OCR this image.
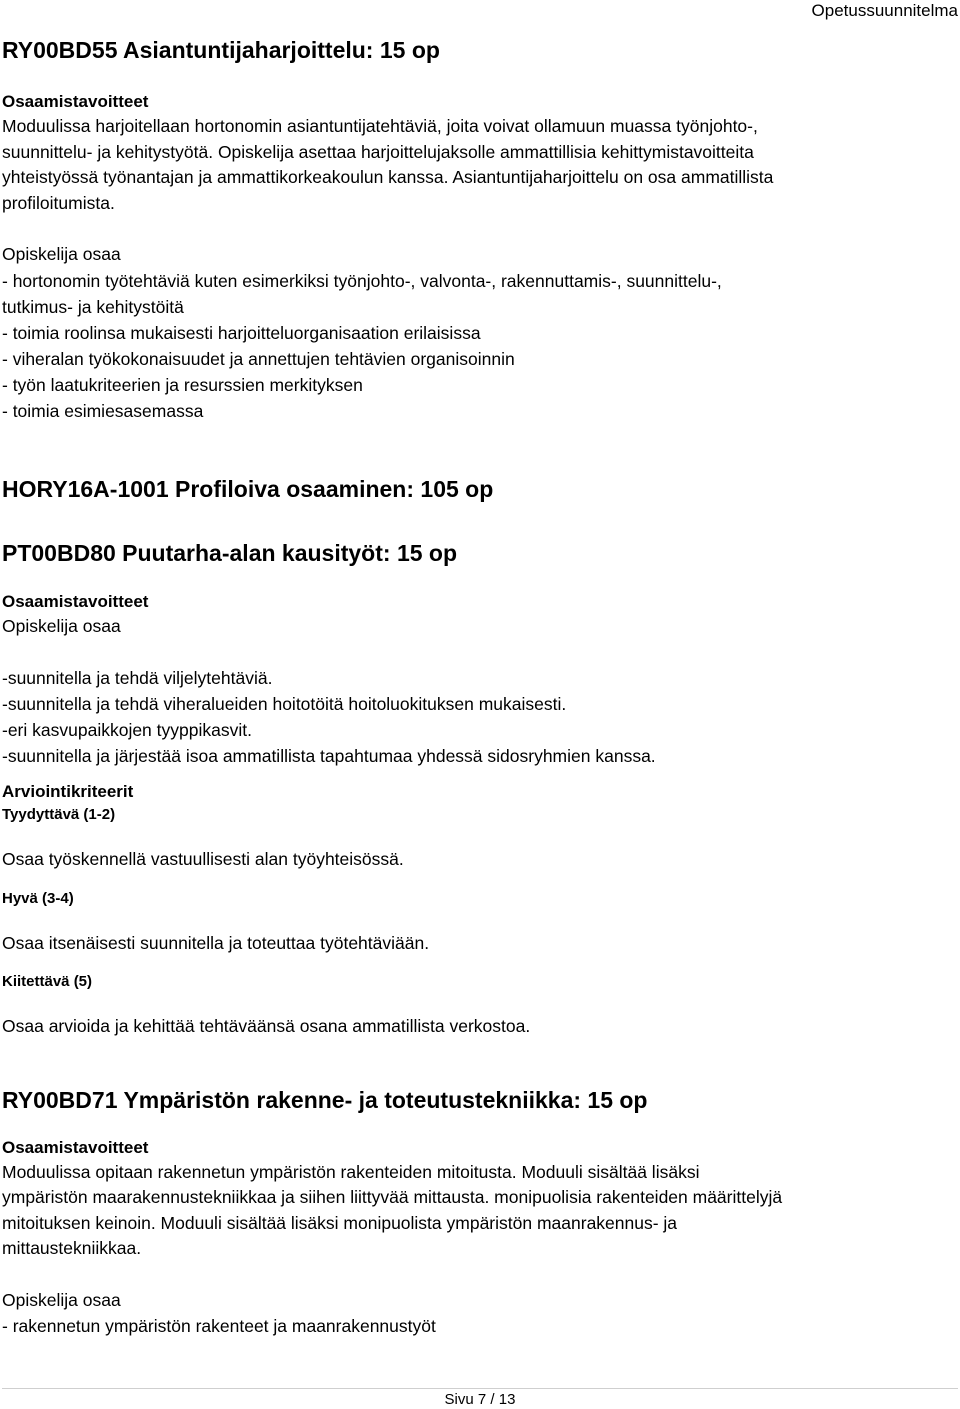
Opetussuunnitelma
RY00BD55 Asiantuntijaharjoittelu: 15 op
Osaamistavoitteet

Moduulissa harjoitellaan hortonomin asiantuntijatehtäviä, joita voivat ollamuun muassa työnjohto-,

suunnittelu- ja kehitystyötä. Opiskelija asettaa harjoittelujaksolle ammattillisia kehittymistavoitteita

yhteistyössä työnantajan ja ammattikorkeakoulun kanssa. Asiantuntijaharjoittelu on osa ammatillista

profiloitumista.

Opiskelija osaa

- hortonomin työtehtäviä kuten esimerkiksi työnjohto-, valvonta-, rakennuttamis-, suunnittelu-,

tutkimus- ja kehitystöitä

- toimia roolinsa mukaisesti harjoitteluorganisaation erilaisissa

- viheralan työkokonaisuudet ja annettujen tehtävien organisoinnin

- työn laatukriteerien ja resurssien merkityksen

- toimia esimiesasemassa

HORY16A-1001 Profiloiva osaaminen: 105 op
PT00BD80 Puutarha-alan kausityöt: 15 op
Osaamistavoitteet

Opiskelija osaa

-suunnitella ja tehdä viljelytehtäviä.

-suunnitella ja tehdä viheralueiden hoitotöitä hoitoluokituksen mukaisesti.

-eri kasvupaikkojen tyyppikasvit.

-suunnitella ja järjestää isoa ammatillista tapahtumaa yhdessä sidosryhmien kanssa.

Arviointikriteerit
Tyydyttävä (1-2)

Osaa työskennellä vastuullisesti alan työyhteisössä.

Hyvä (3-4)

Osaa itsenäisesti suunnitella ja toteuttaa työtehtäviään.

Kiitettävä (5)

Osaa arvioida ja kehittää tehtäväänsä osana ammatillista verkostoa.

RY00BD71 Ympäristön rakenne- ja toteutustekniikka: 15 op
Osaamistavoitteet

Moduulissa opitaan rakennetun ympäristön rakenteiden mitoitusta. Moduuli sisältää lisäksi

ympäristön maarakennustekniikkaa ja siihen liittyvää mittausta. monipuolisia rakenteiden määrittelyjä

mitoituksen keinoin. Moduuli sisältää lisäksi monipuolista ympäristön maanrakennus- ja

mittaustekniikkaa.

Opiskelija osaa

- rakennetun ympäristön rakenteet ja maanrakennustyöt

Sivu 7 / 13
